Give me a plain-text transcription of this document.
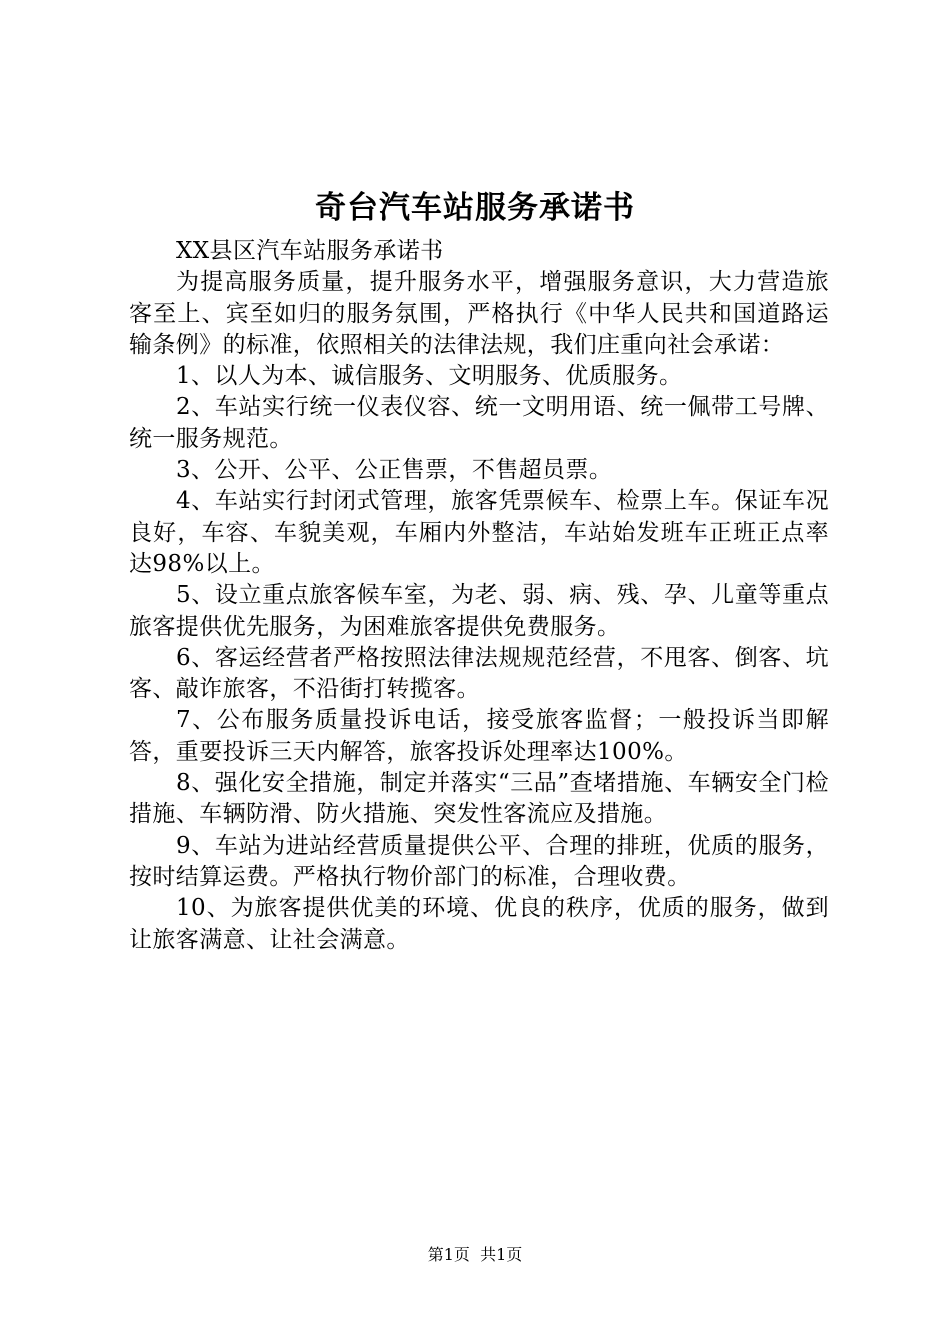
奇台汽车站服务承诺书

XX县区汽车站服务承诺书

为提高服务质量，提升服务水平，增强服务意识，大力营造旅客至上、宾至如归的服务氛围，严格执行《中华人民共和国道路运输条例》的标准，依照相关的法律法规，我们庄重向社会承诺：

1、以人为本、诚信服务、文明服务、优质服务。

2、车站实行统一仪表仪容、统一文明用语、统一佩带工号牌、统一服务规范。

3、公开、公平、公正售票，不售超员票。

4、车站实行封闭式管理，旅客凭票候车、检票上车。保证车况良好，车容、车貌美观，车厢内外整洁，车站始发班车正班正点率达98%以上。

5、设立重点旅客候车室，为老、弱、病、残、孕、儿童等重点旅客提供优先服务，为困难旅客提供免费服务。

6、客运经营者严格按照法律法规规范经营，不甩客、倒客、坑客、敲诈旅客，不沿街打转揽客。

7、公布服务质量投诉电话，接受旅客监督；一般投诉当即解答，重要投诉三天内解答，旅客投诉处理率达100%。

8、强化安全措施，制定并落实“三品”查堵措施、车辆安全门检措施、车辆防滑、防火措施、突发性客流应及措施。

9、车站为进站经营质量提供公平、合理的排班，优质的服务，按时结算运费。严格执行物价部门的标准，合理收费。

10、为旅客提供优美的环境、优良的秩序，优质的服务，做到让旅客满意、让社会满意。

第1页 共1页
